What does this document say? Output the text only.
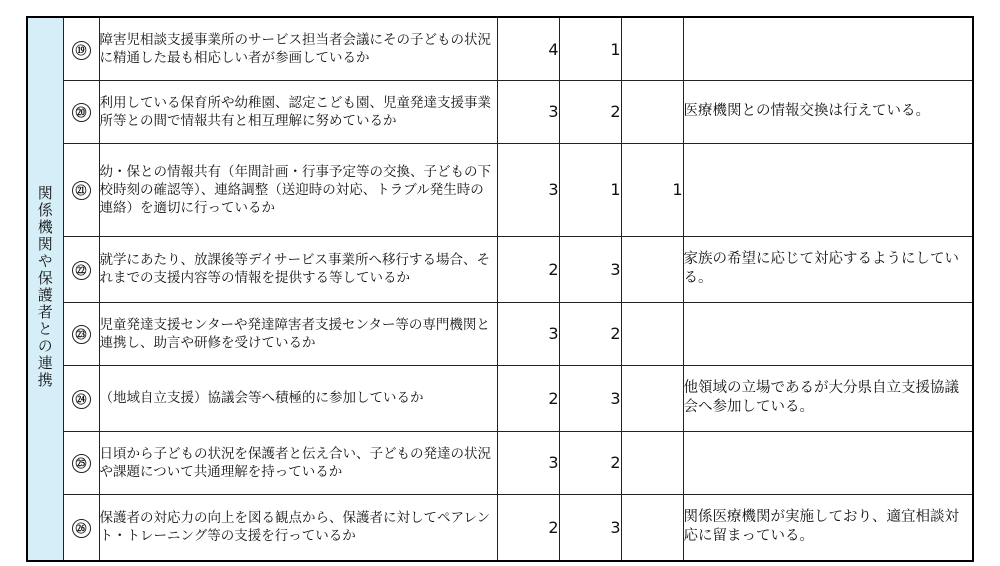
関係機関や保護者との連携	⑲	障害児相談支援事業所のサービス担当者会議にその子どもの状況に精通した最も相応しい者が参画しているか	4	1		
	⑳	利用している保育所や幼稚園、認定こども園、児童発達支援事業所等との間で情報共有と相互理解に努めているか	3	2		医療機関との情報交換は行えている。
	㉑	幼・保との情報共有（年間計画・行事予定等の交換、子どもの下校時刻の確認等）、連絡調整（送迎時の対応、トラブル発生時の連絡）を適切に行っているか	3	1	1	
	㉒	就学にあたり、放課後等デイサービス事業所へ移行する場合、それまでの支援内容等の情報を提供する等しているか	2	3		家族の希望に応じて対応するようにしている。
	㉓	児童発達支援センターや発達障害者支援センター等の専門機関と連携し、助言や研修を受けているか	3	2		
	㉔	（地域自立支援）協議会等へ積極的に参加しているか	2	3		他領域の立場であるが大分県自立支援協議会へ参加している。
	㉕	日頃から子どもの状況を保護者と伝え合い、子どもの発達の状況や課題について共通理解を持っているか	3	2		
	㉖	保護者の対応力の向上を図る観点から、保護者に対してペアレント・トレーニング等の支援を行っているか	2	3		関係医療機関が実施しており、適宜相談対応に留まっている。
